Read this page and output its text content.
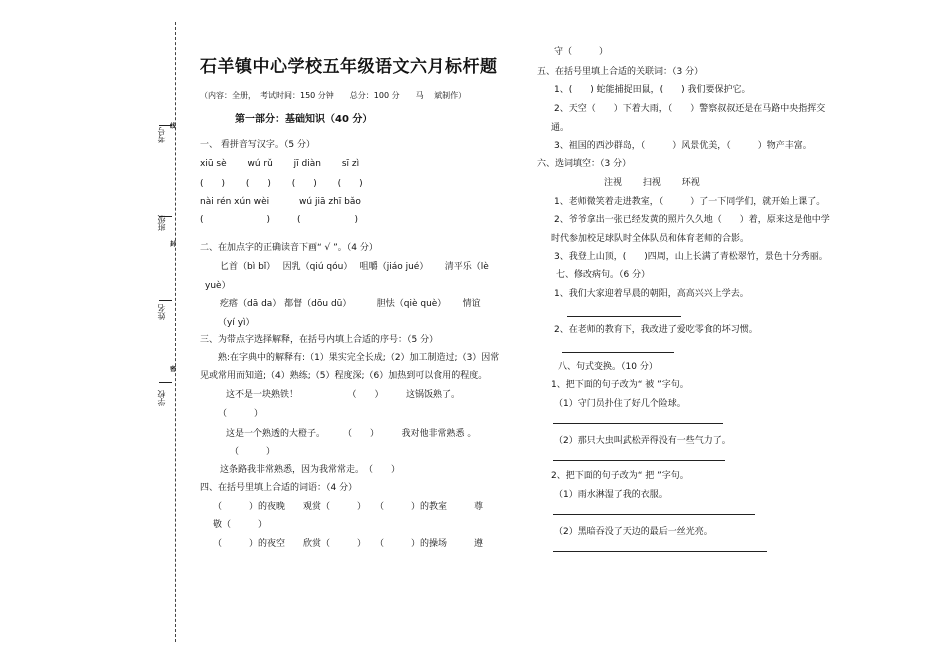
考号
线
班级
封
姓名
学校
密
石羊镇中心学校五年级语文六月标杆题
（内容：全册，　考试时间：150 分钟　　总分：100 分　　马　 斌制作）
第一部分：基础知识（40 分）
一、 看拼音写汉字。（5 分）
xiū sè　　 wú rǔ　　 jī diàn　　 sī zì
(　　)　　 (　　)　　 (　　)　　 (　　)
nài rén xún wèi　　　 wú jiā zhī bǎo
(　　　　　　　)　　　(　　　　　　)
二、在加点字的正确读音下画“ √ ”。（4 分）
匕首（bì bǐ）　 因乳（qiú qóu）　 咀嚼（jiáo jué）　　 清平乐（lè
yuè）
疙瘩（dā da） 都督（dōu dū）　　　 胆怯（qiè què）　　 情谊
（yí yì）
三、为带点字选择解释，在括号内填上合适的序号：（5 分）
熟:在字典中的解释有:（1）果实完全长成;（2）加工制造过;（3）因常
见或常用而知道;（4）熟练;（5）程度深;（6）加热到可以食用的程度。
这不是一块熟铁！　　　　　　（　　）　　　这锅饭熟了。
（　　　）
这是一个熟透的大橙子。　　　（　　）　　　我对他非常熟悉 。
（　　　）
这条路我非常熟悉，因为我常常走。　（　　）
四、在括号里填上合适的词语：（4 分）
（　　　）的夜晚　　观赏（　　　）　　（　　　）的教室　　　尊
敬（　　　）
（　　　）的夜空　　欣赏（　　　）　　（　　　）的操场　　　遵
守（　　　）
五、在括号里填上合适的关联词：（3 分）
1、(　　) 蛇能捕捉田鼠，(　　) 我们要保护它。
2、天空（　　）下着大雨，（　　）警察叔叔还是在马路中央指挥交
通。
3、祖国的西沙群岛，（　　　）风景优美，（　　　）物产丰富。
六、选词填空：（3 分）
注视　　 扫视　　 环视
1、老师微笑着走进教室，（　　　）了一下同学们，就开始上课了。
2、爷爷拿出一张已经发黄的照片久久地（　　）着，原来这是他中学
时代参加校足球队时全体队员和体育老师的合影。
3、我登上山顶，(　　)四周，山上长满了青松翠竹，景色十分秀丽。
七、修改病句。（6 分）
1、我们大家迎着早晨的朝阳，高高兴兴上学去。
2、在老师的教育下，我改进了爱吃零食的坏习惯。
八、句式变换。（10 分）
1、把下面的句子改为“ 被 ”字句。
（1）守门员扑住了好几个险球。
（2）那只大虫叫武松弄得没有一些气力了。
2、把下面的句子改为“ 把 ”字句。
（1）雨水淋湿了我的衣服。
（2）黑暗吞没了天边的最后一丝光亮。
